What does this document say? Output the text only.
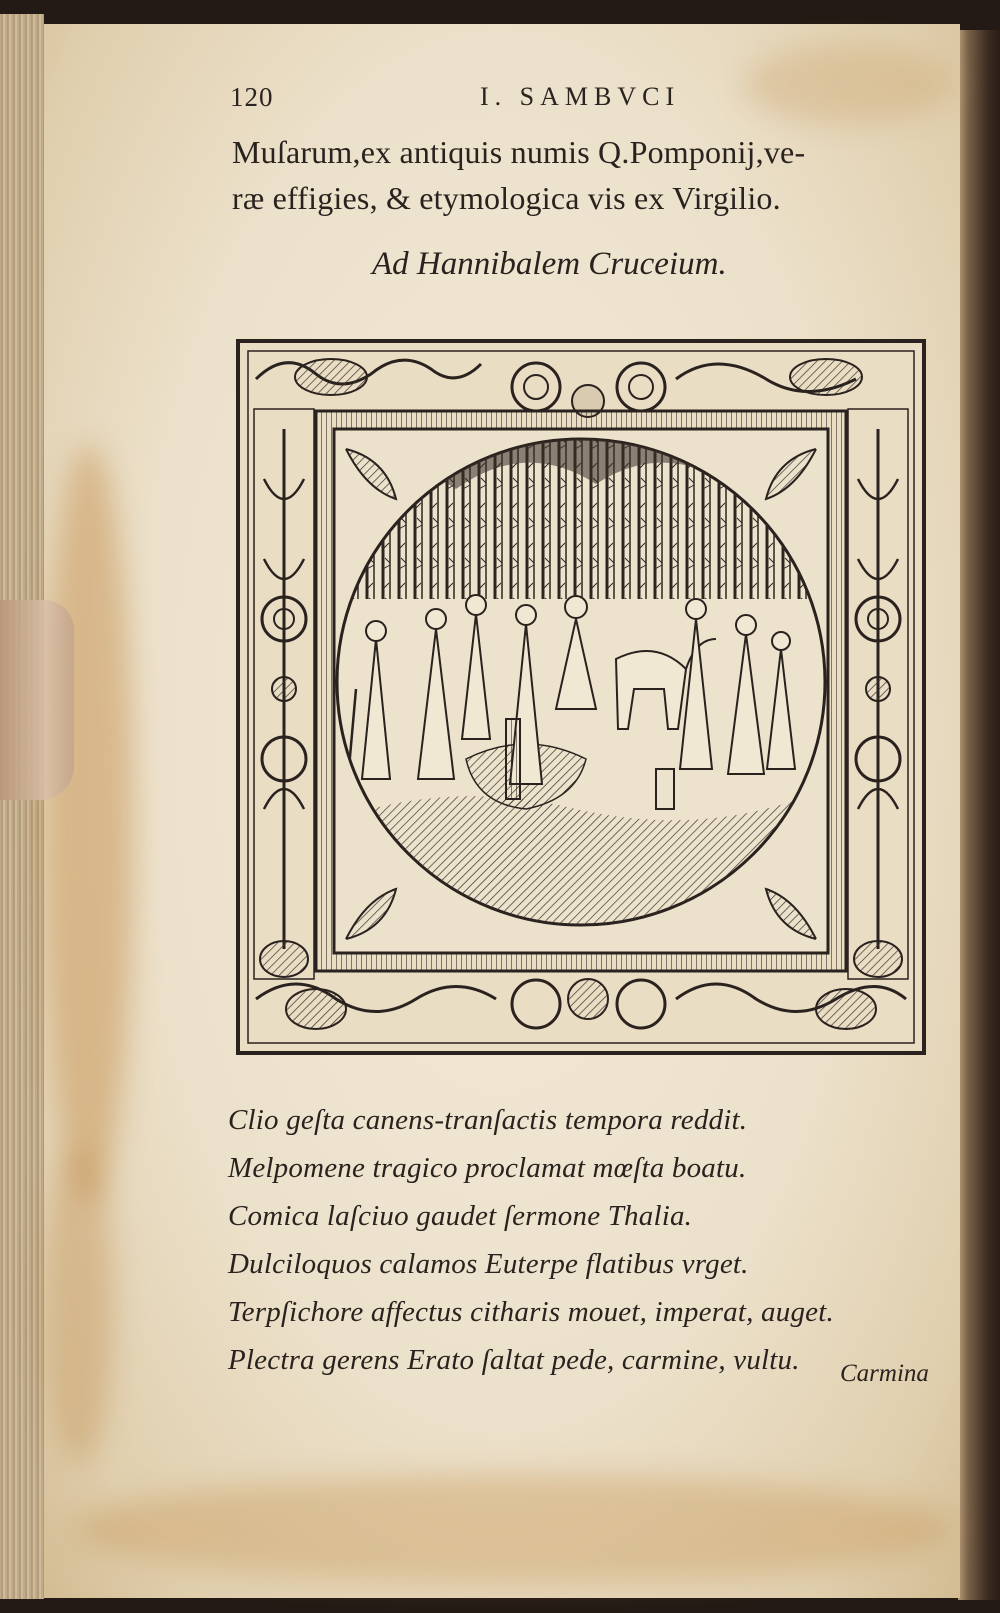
120	I. SAMBVCI
Muſarum,ex antiquis numis Q.Pomponij,ve-
ræ effigies, & etymologica vis ex Virgilio.
Ad Hannibalem Cruceium.
Clio geſta canens-tranſactis tempora reddit.
Melpomene tragico proclamat mœſta boatu.
Comica laſciuo gaudet ſermone Thalia.
Dulciloquos calamos Euterpe flatibus vrget.
Terpſichore affectus citharis mouet, imperat, auget.
Plectra gerens Erato ſaltat pede, carmine, vultu.	Carmina
